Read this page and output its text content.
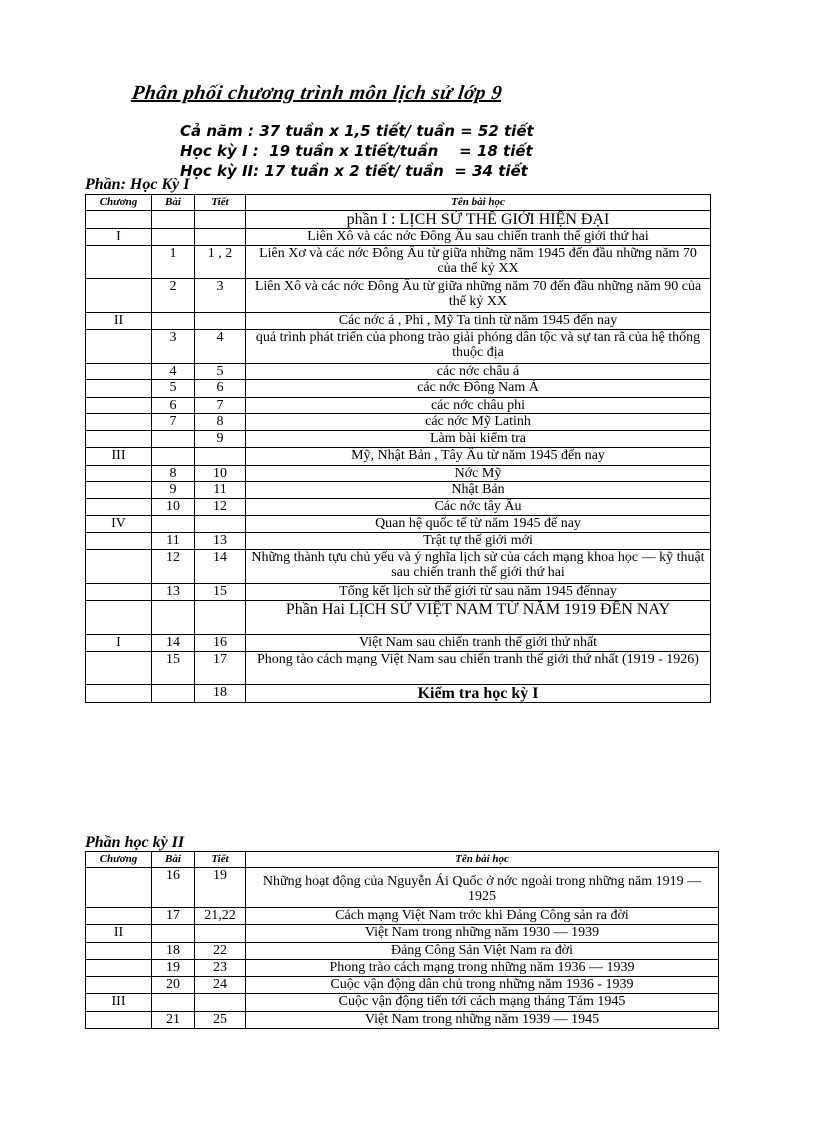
Phân phối chương trình môn lịch sử lớp 9
Cả năm : 37 tuần x 1,5 tiết/ tuần = 52 tiết
Học kỳ I :  19 tuần x 1tiết/tuần    = 18 tiết
Học kỳ II: 17 tuần x 2 tiết/ tuần  = 34 tiết
Phần: Học Kỳ I
Chương	Bài	Tiết	Tên bài học
			phần I : LỊCH SỬ THẾ GIỚI HIỆN ĐẠI
I			Liên Xô và các nớc Đông Âu sau chiến tranh thế giới thứ hai
	1	1 , 2	Liên Xơ và các nớc Đông Âu từ giữa những năm 1945 đến đầu những năm 70 của thế kỷ XX
	2	3	Liên Xô và các nớc Đông Âu từ giữa những năm 70 đến đầu những năm 90 của thế kỷ XX
II			Các nớc á , Phi , Mỹ Ta tinh từ năm 1945 đến nay
	3	4	quá trình phát triển của phong trào giải phóng dân tộc và sự tan rã của hệ thống thuộc địa
	4	5	các nớc châu á
	5	6	các nớc Đông Nam Á
	6	7	các nớc châu phi
	7	8	các nớc Mỹ Latinh
		9	Làm bài kiểm tra
III			Mỹ, Nhật Bản , Tây Âu từ năm 1945 đến nay
	8	10	Nớc Mỹ
	9	11	Nhật Bản
	10	12	Các nớc tây Âu
IV			Quan hệ quốc tế từ năm 1945 đế nay
	11	13	Trật tự thế giới mới
	12	14	Những thành tựu chủ yếu và ý nghĩa lịch sử của cách mạng khoa học — kỹ thuật sau chiến tranh thế giới thứ hai
	13	15	Tổng kết lịch sử thế giới từ sau năm 1945 đếnnay
			Phần Hai LỊCH SỬ VIỆT NAM TỪ NĂM 1919 ĐẾN NAY
I	14	16	Việt Nam sau chiến tranh thế giới thứ nhất
	15	17	Phong tào cách mạng Việt Nam sau chiến tranh thế giới thứ nhất (1919 - 1926)
		18	Kiểm tra học kỳ I
Phần học kỳ II
Chương	Bài	Tiết	Tên bài học
	16	19	Những hoạt động của Nguyễn Ái Quốc ở nớc ngoài trong những năm 1919 — 1925
	17	21,22	Cách mạng Việt Nam trớc khi Đảng Công sản ra đời
II			Việt Nam trong những năm 1930 — 1939
	18	22	Đảng Công Sản Việt Nam ra đời
	19	23	Phong trào cách mạng trong những năm 1936 — 1939
	20	24	Cuộc vận động dân chủ trong những năm 1936 - 1939
III			Cuộc vận động tiến tới cách mạng tháng Tám 1945
	21	25	Việt Nam trong những năm 1939 — 1945
